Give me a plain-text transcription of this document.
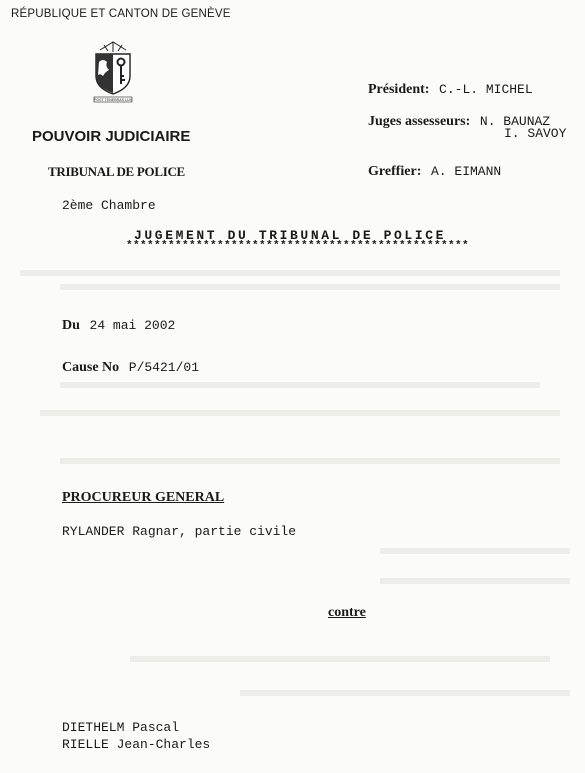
RÉPUBLIQUE ET CANTON DE GENÈVE
POST TENEBRAS LUX
POUVOIR JUDICIAIRE
TRIBUNAL DE POLICE
2ème Chambre
JUGEMENT DU TRIBUNAL DE POLICE
*************************************************
Président: C.-L. MICHEL
Juges assesseurs: N. BAUNAZ
I. SAVOY
Greffier: A. EIMANN
Du 24 mai 2002
Cause No P/5421/01
PROCUREUR GENERAL
RYLANDER Ragnar, partie civile
contre
DIETHELM Pascal
RIELLE Jean-Charles
